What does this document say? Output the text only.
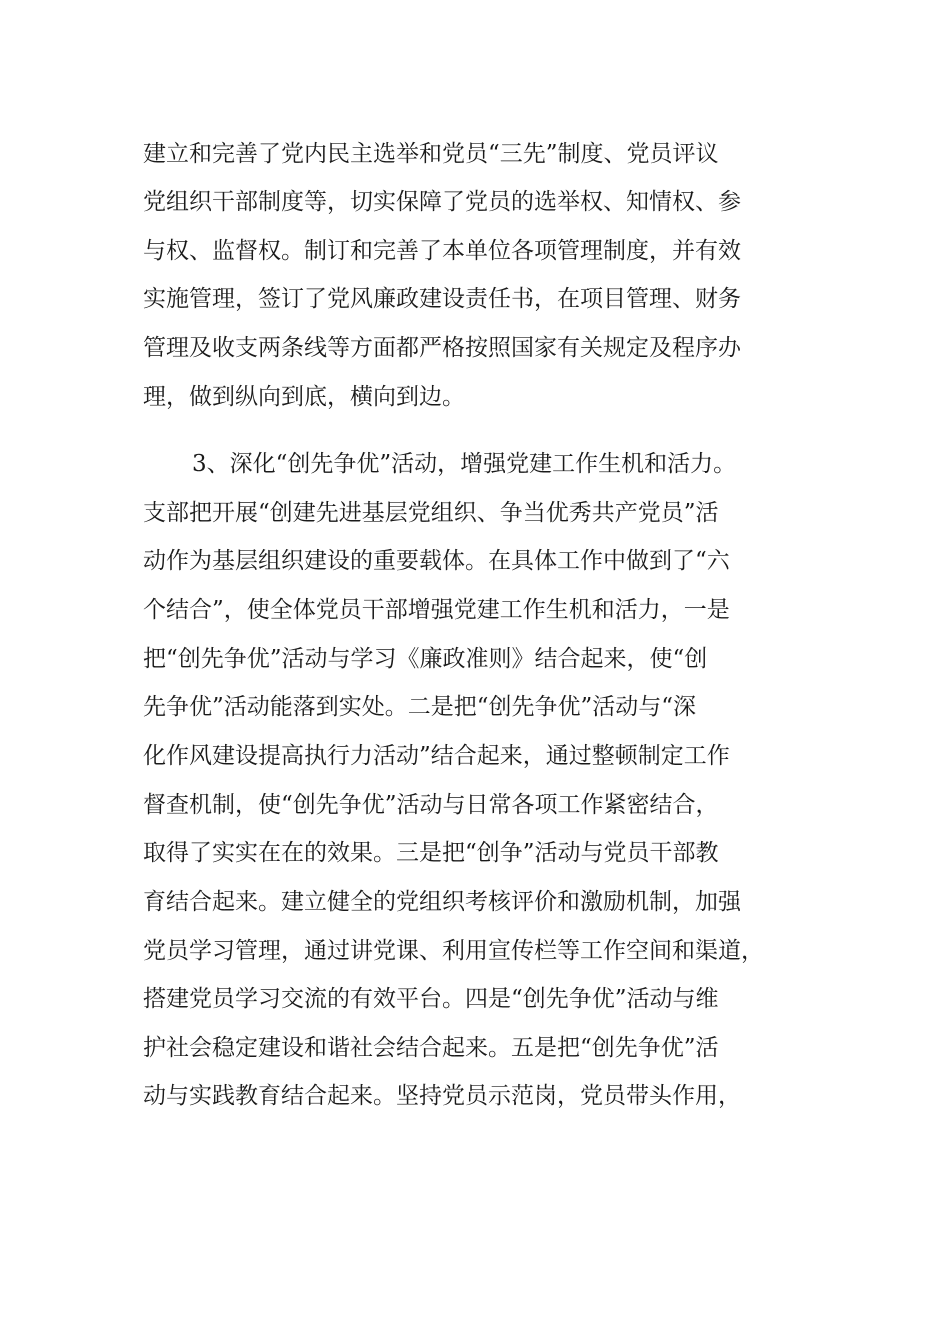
建立和完善了党内民主选举和党员“三先”制度、党员评议
党组织干部制度等，切实保障了党员的选举权、知情权、参
与权、监督权。制订和完善了本单位各项管理制度，并有效
实施管理，签订了党风廉政建设责任书，在项目管理、财务
管理及收支两条线等方面都严格按照国家有关规定及程序办
理，做到纵向到底，横向到边。
3、深化“创先争优”活动，增强党建工作生机和活力。
支部把开展“创建先进基层党组织、争当优秀共产党员”活
动作为基层组织建设的重要载体。在具体工作中做到了“六
个结合”，使全体党员干部增强党建工作生机和活力，一是
把“创先争优”活动与学习《廉政准则》结合起来，使“创
先争优”活动能落到实处。二是把“创先争优”活动与“深
化作风建设提高执行力活动”结合起来，通过整顿制定工作
督查机制，使“创先争优”活动与日常各项工作紧密结合，
取得了实实在在的效果。三是把“创争”活动与党员干部教
育结合起来。建立健全的党组织考核评价和激励机制，加强
党员学习管理，通过讲党课、利用宣传栏等工作空间和渠道，
搭建党员学习交流的有效平台。四是“创先争优”活动与维
护社会稳定建设和谐社会结合起来。五是把“创先争优”活
动与实践教育结合起来。坚持党员示范岗，党员带头作用，
